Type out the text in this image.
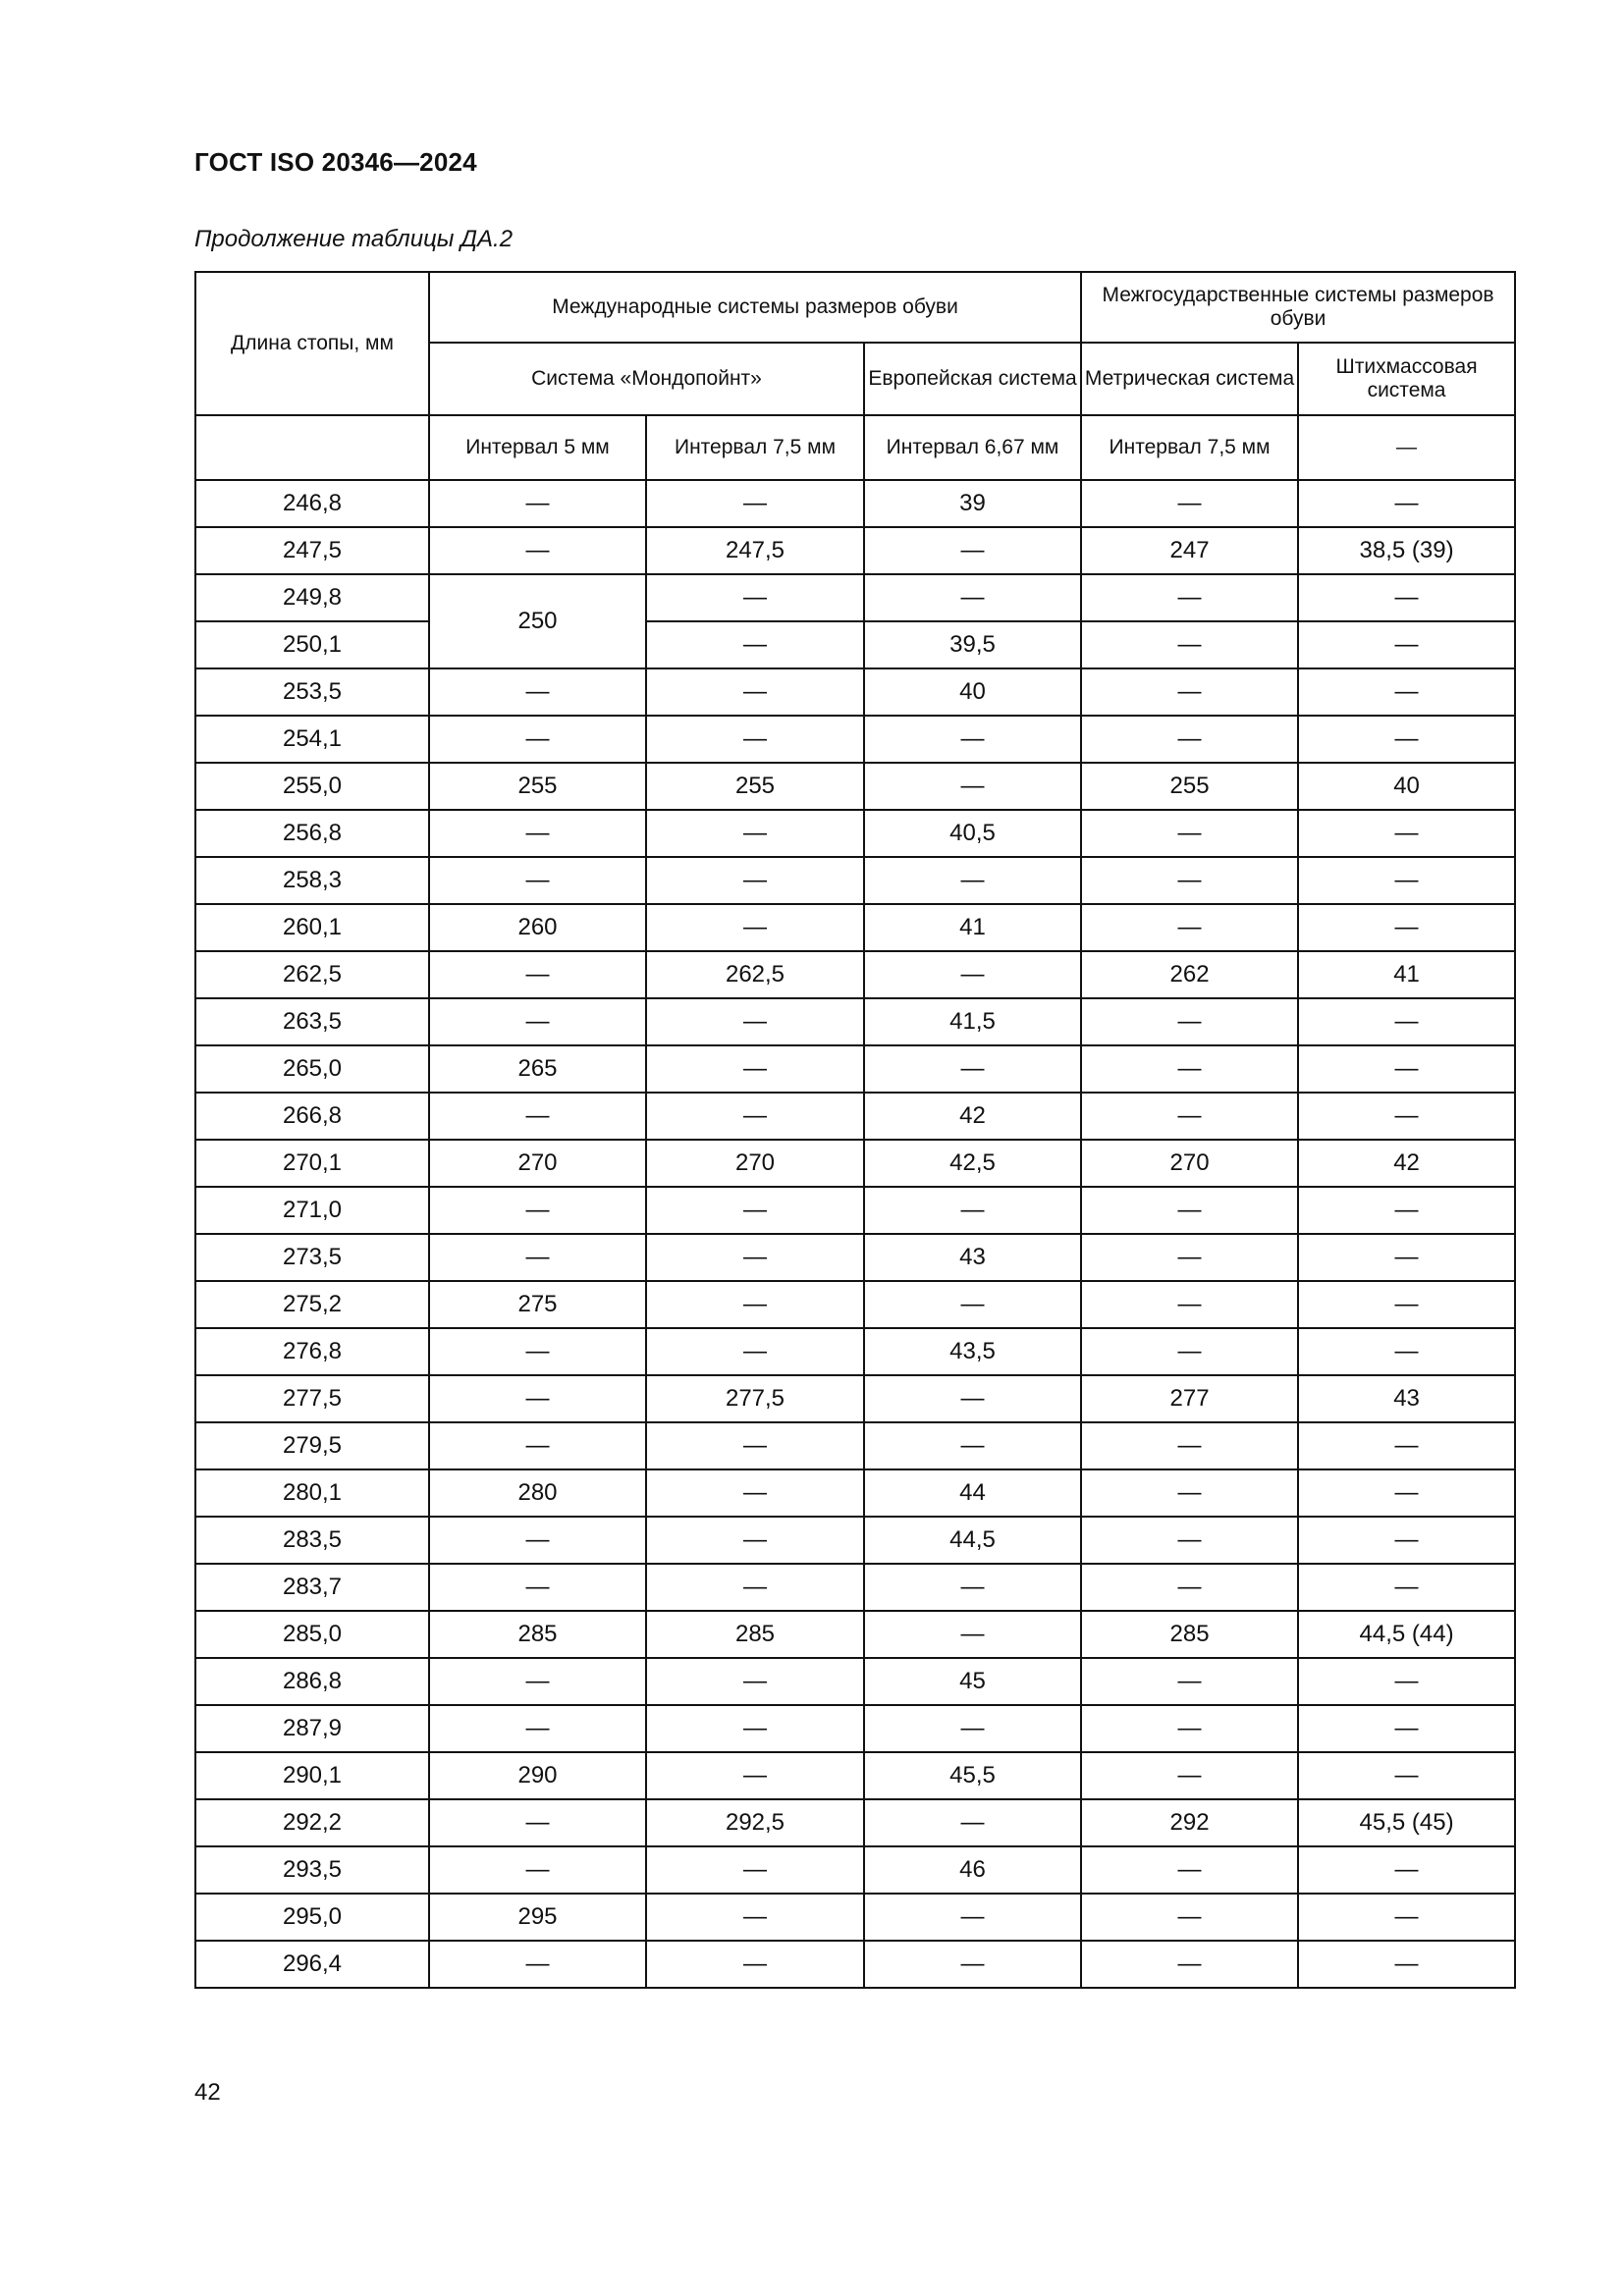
ГОСТ ISO 20346—2024
Продолжение таблицы ДА.2
Длина стопы, мм	Международные системы размеров обуви			Межгосударственные системы размеров обуви	
	Система «Мондопойнт»		Европейская система	Метрическая система	Штихмассовая система
	Интервал 5 мм	Интервал 7,5 мм	Интервал 6,67 мм	Интервал 7,5 мм	—
246,8	—	—	39	—	—
247,5	—	247,5	—	247	38,5 (39)
249,8	250	—	—	—	—
250,1		—	39,5	—	—
253,5	—	—	40	—	—
254,1	—	—	—	—	—
255,0	255	255	—	255	40
256,8	—	—	40,5	—	—
258,3	—	—	—	—	—
260,1	260	—	41	—	—
262,5	—	262,5	—	262	41
263,5	—	—	41,5	—	—
265,0	265	—	—	—	—
266,8	—	—	42	—	—
270,1	270	270	42,5	270	42
271,0	—	—	—	—	—
273,5	—	—	43	—	—
275,2	275	—	—	—	—
276,8	—	—	43,5	—	—
277,5	—	277,5	—	277	43
279,5	—	—	—	—	—
280,1	280	—	44	—	—
283,5	—	—	44,5	—	—
283,7	—	—	—	—	—
285,0	285	285	—	285	44,5 (44)
286,8	—	—	45	—	—
287,9	—	—	—	—	—
290,1	290	—	45,5	—	—
292,2	—	292,5	—	292	45,5 (45)
293,5	—	—	46	—	—
295,0	295	—	—	—	—
296,4	—	—	—	—	—
42
